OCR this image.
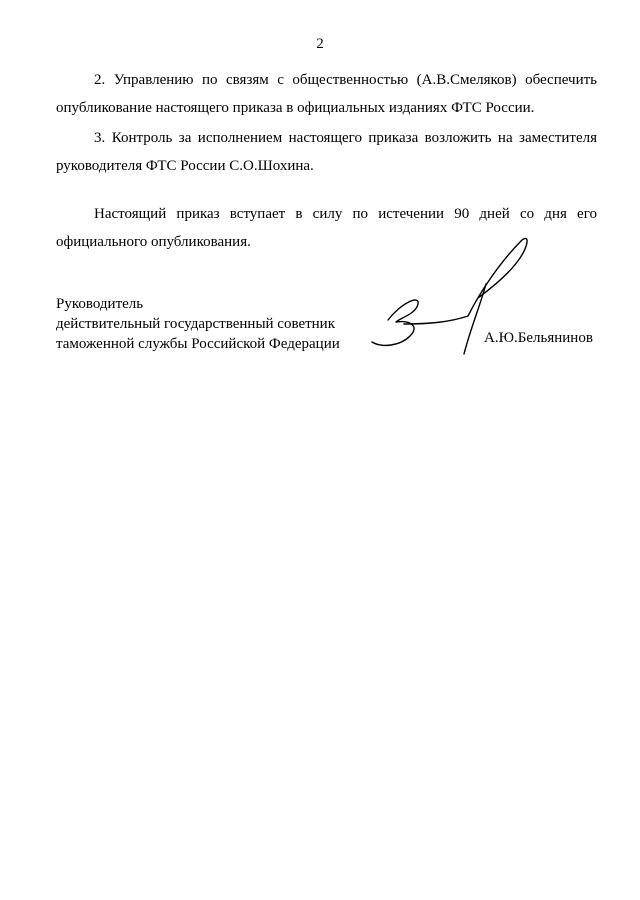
2
2. Управлению по связям с общественностью (А.В.Смеляков) обеспечить
опубликование настоящего приказа в официальных изданиях ФТС России.
3. Контроль за исполнением настоящего приказа возложить на заместителя
руководителя ФТС России С.О.Шохина.
Настоящий приказ вступает в силу по истечении 90 дней со дня его
официального опубликования.
Руководитель
действительный государственный советник
таможенной службы Российской Федерации	А.Ю.Бельянинов
